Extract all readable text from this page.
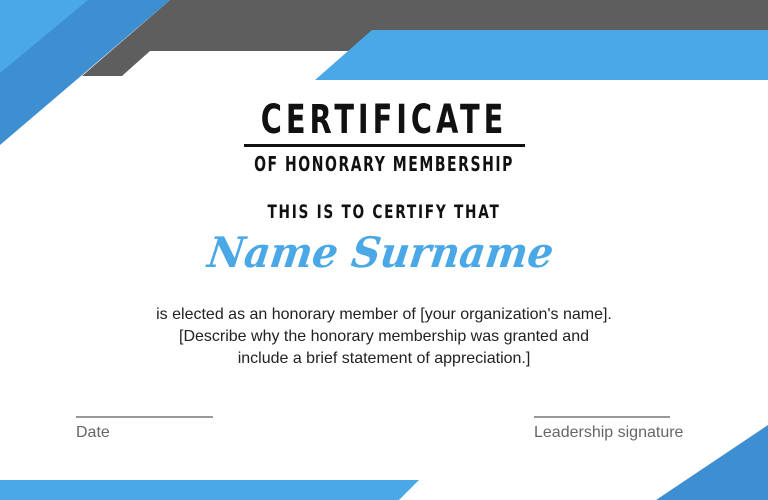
CERTIFICATE
OF HONORARY MEMBERSHIP
THIS IS TO CERTIFY THAT
Name Surname
is elected as an honorary member of [your organization's name].
[Describe why the honorary membership was granted and
include a brief statement of appreciation.]
Date	Leadership signature
